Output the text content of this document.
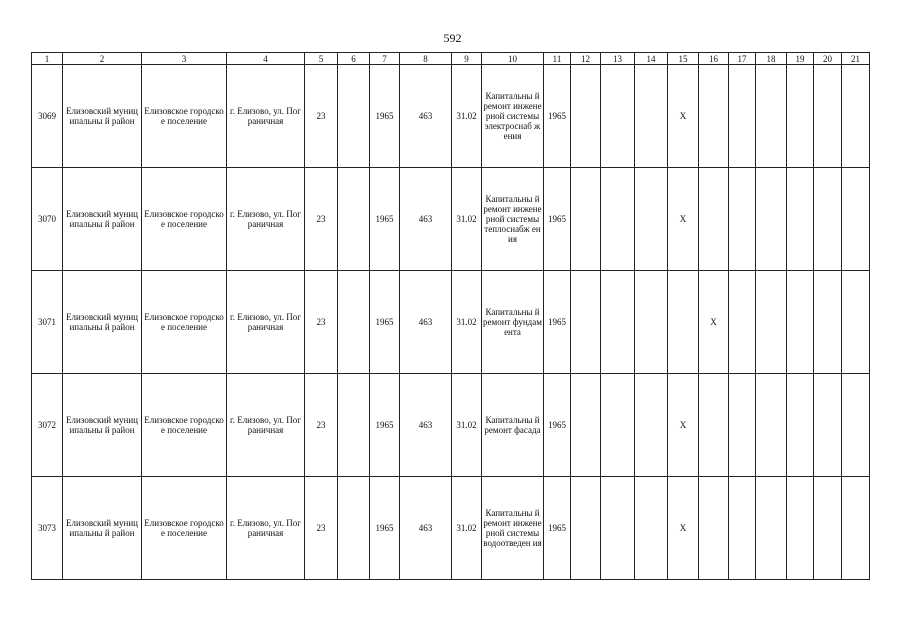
592
1	2	3	4	5	6	7	8	9	10	11	12	13	14	15	16	17	18	19	20	21
3069	Елизовский муниципальны й район	Елизовское городское поселение	г. Елизово, ул. Пограничная	23		1965	463	31.02	Капитальны й ремонт инженерной системы электроснаб жения	1965				X						
3070	Елизовский муниципальны й район	Елизовское городское поселение	г. Елизово, ул. Пограничная	23		1965	463	31.02	Капитальны й ремонт инженерной системы теплоснабж ения	1965				X						
3071	Елизовский муниципальны й район	Елизовское городское поселение	г. Елизово, ул. Пограничная	23		1965	463	31.02	Капитальны й ремонт фундамента	1965					X					
3072	Елизовский муниципальны й район	Елизовское городское поселение	г. Елизово, ул. Пограничная	23		1965	463	31.02	Капитальны й ремонт фасада	1965				X						
3073	Елизовский муниципальны й район	Елизовское городское поселение	г. Елизово, ул. Пограничная	23		1965	463	31.02	Капитальны й ремонт инженерной системы водоотведен ия	1965				X						
